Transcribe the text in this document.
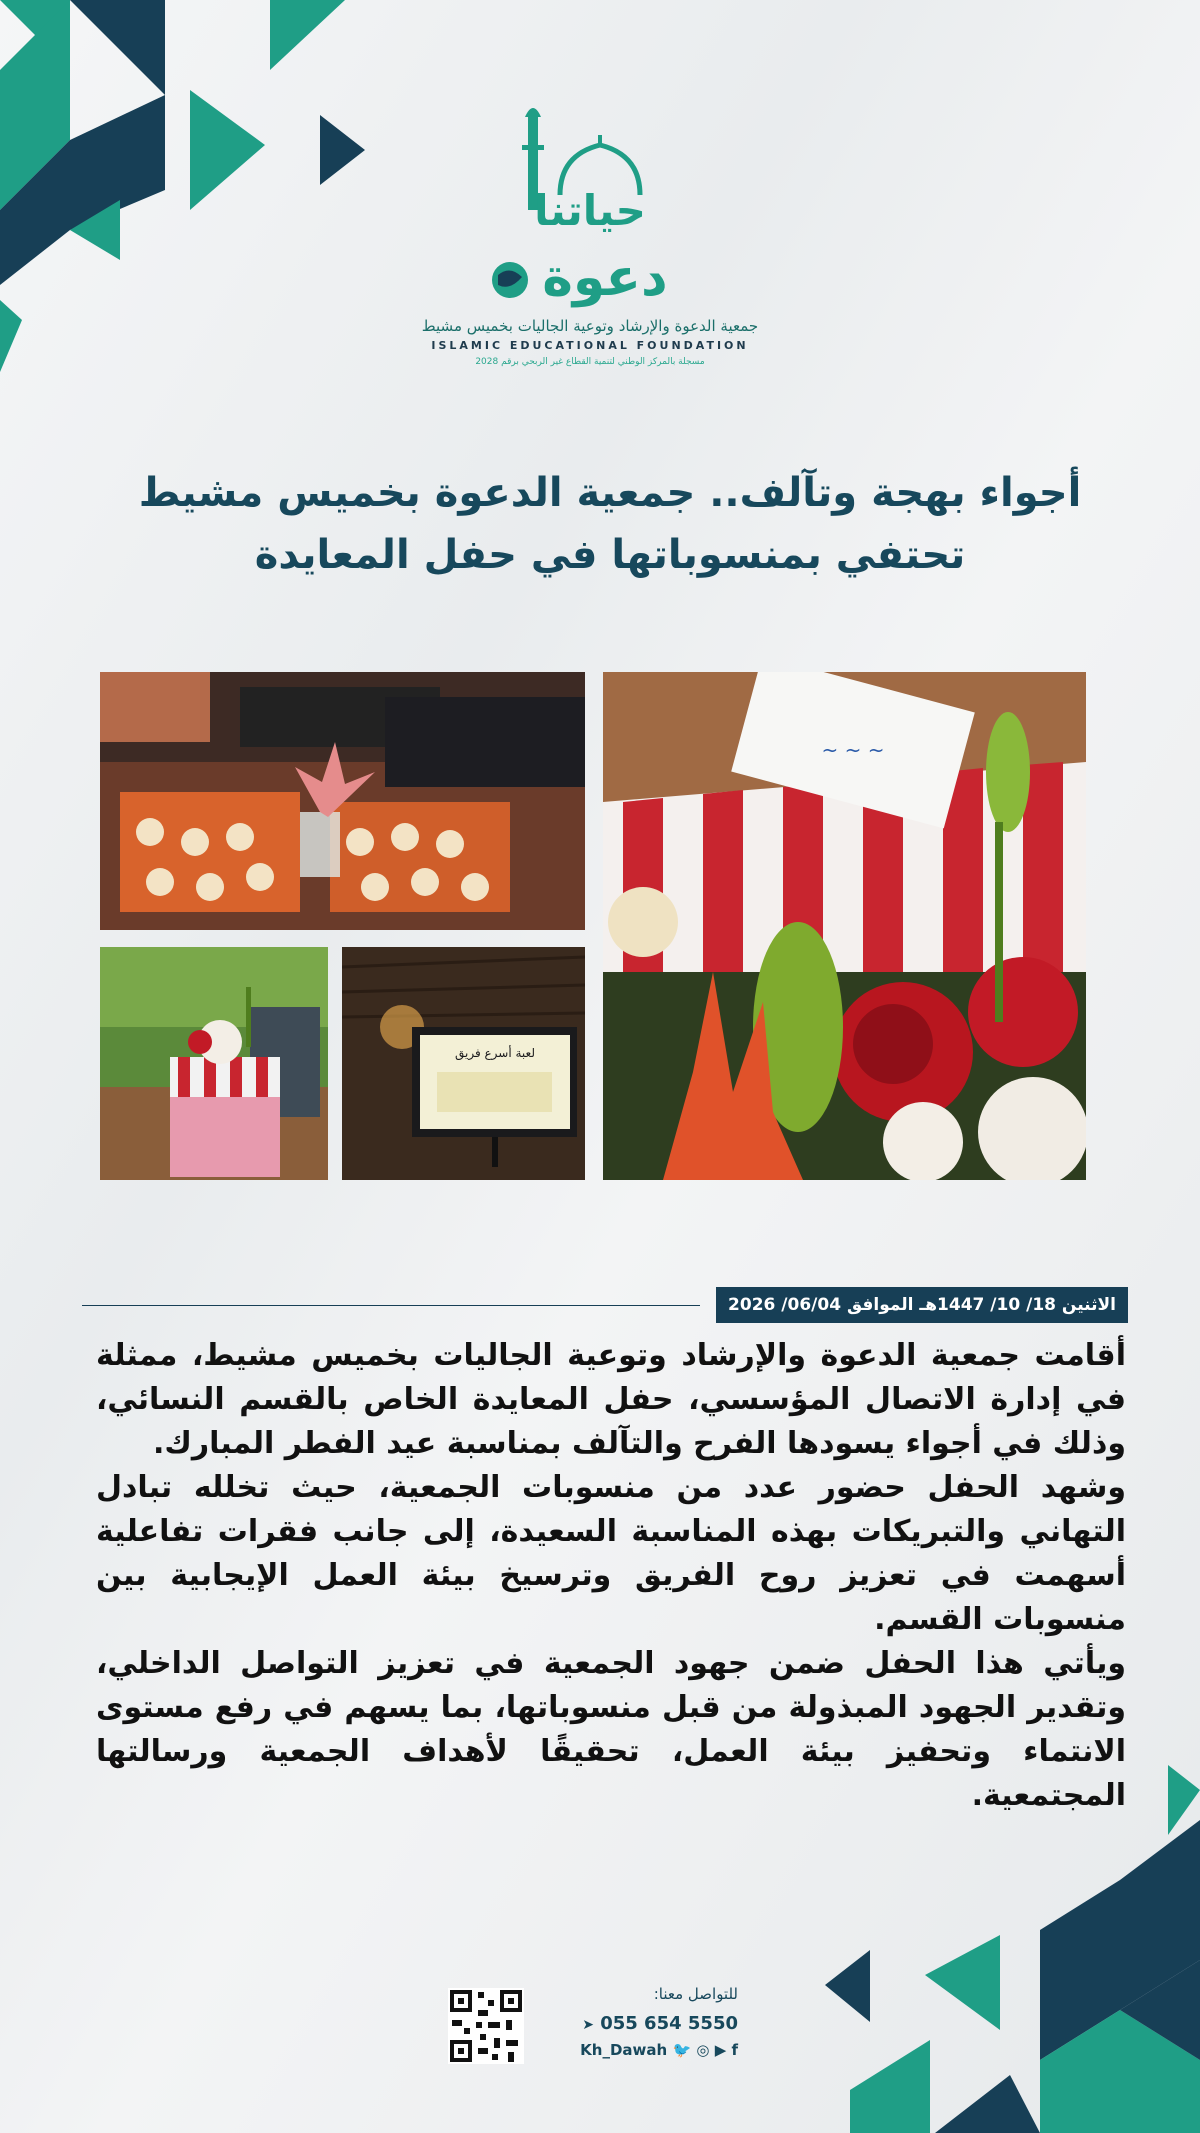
حياتنا
دعوة
جمعية الدعوة والإرشاد وتوعية الجاليات بخميس مشيط
ISLAMIC EDUCATIONAL FOUNDATION
مسجلة بالمركز الوطني لتنمية القطاع غير الربحي برقم 2028
أجواء بهجة وتآلف.. جمعية الدعوة بخميس مشيط
تحتفي بمنسوباتها في حفل المعايدة
~ ~ ~
لعبة أسرع فريق
الاثنين 18/ 10/ 1447هـ الموافق 06/04/ 2026

أقامت جمعية الدعوة والإرشاد وتوعية الجاليات بخميس مشيط، ممثلة في إدارة الاتصال المؤسسي، حفل المعايدة الخاص بالقسم النسائي، وذلك في أجواء يسودها الفرح والتآلف بمناسبة عيد الفطر المبارك.

وشهد الحفل حضور عدد من منسوبات الجمعية، حيث تخلله تبادل التهاني والتبريكات بهذه المناسبة السعيدة، إلى جانب فقرات تفاعلية أسهمت في تعزيز روح الفريق وترسيخ بيئة العمل الإيجابية بين منسوبات القسم.

ويأتي هذا الحفل ضمن جهود الجمعية في تعزيز التواصل الداخلي، وتقدير الجهود المبذولة من قبل منسوباتها، بما يسهم في رفع مستوى الانتماء وتحفيز بيئة العمل، تحقيقًا لأهداف الجمعية ورسالتها المجتمعية.

للتواصل معنا:
➤ 055 654 5550
Kh_Dawah 🐦 ◎ ▶ f
